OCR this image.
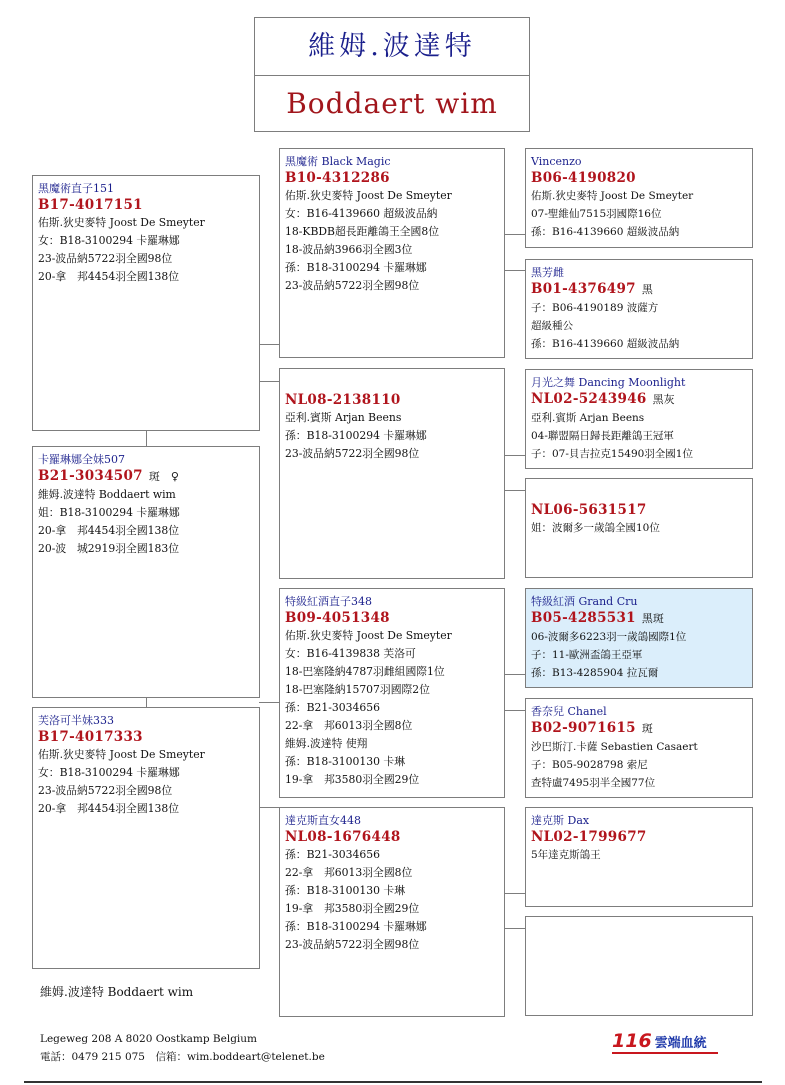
維姆.波達特
Boddaert wim
黑魔術直子151
B17-4017151
佑斯.狄史麥特 Joost De Smeyter
女：B18-3100294 卡羅琳娜
23-波品納5722羽全國98位
20-拿　邦4454羽全國138位
卡羅琳娜全妹507
B21-3034507 斑　♀
維姆.波達特 Boddaert wim
姐：B18-3100294 卡羅琳娜
20-拿　邦4454羽全國138位
20-波　城2919羽全國183位
芙洛可半妹333
B17-4017333
佑斯.狄史麥特 Joost De Smeyter
女：B18-3100294 卡羅琳娜
23-波品納5722羽全國98位
20-拿　邦4454羽全國138位
黑魔術 Black Magic
B10-4312286
佑斯.狄史麥特 Joost De Smeyter
女：B16-4139660 超級波品納
18-KBDB超長距離鴿王全國8位
18-波品納3966羽全國3位
孫：B18-3100294 卡羅琳娜
23-波品納5722羽全國98位
NL08-2138110
亞利.賓斯 Arjan Beens
孫：B18-3100294 卡羅琳娜
23-波品納5722羽全國98位
特級紅酒直子348
B09-4051348
佑斯.狄史麥特 Joost De Smeyter
女：B16-4139838 芙洛可
18-巴塞隆納4787羽雌組國際1位
18-巴塞隆納15707羽國際2位
孫：B21-3034656
22-拿　邦6013羽全國8位
維姆.波達特 使翔
孫：B18-3100130 卡琳
19-拿　邦3580羽全國29位
達克斯直女448
NL08-1676448
孫：B21-3034656
22-拿　邦6013羽全國8位
孫：B18-3100130 卡琳
19-拿　邦3580羽全國29位
孫：B18-3100294 卡羅琳娜
23-波品納5722羽全國98位
Vincenzo
B06-4190820
佑斯.狄史麥特 Joost De Smeyter
07-聖維仙7515羽國際16位
孫：B16-4139660 超級波品納
黑芳雌
B01-4376497 黑
子：B06-4190189 波薩方
超級種公
孫：B16-4139660 超級波品納
月光之舞 Dancing Moonlight
NL02-5243946 黑灰
亞利.賓斯 Arjan Beens
04-聯盟隔日歸長距離鴿王冠軍
子：07-貝吉拉克15490羽全國1位
NL06-5631517
姐：波爾多一歲鴿全國10位
特級紅酒 Grand Cru
B05-4285531 黑斑
06-波爾多6223羽一歲鴿國際1位
子：11-歐洲盃鴿王亞軍
孫：B13-4285904 拉瓦爾
香奈兒 Chanel
B02-9071615 斑
沙巴斯汀.卡薩 Sebastien Casaert
子：B05-9028798 索尼
查特盧7495羽半全國77位
達克斯 Dax
NL02-1799677
5年達克斯鴿王
維姆.波達特 Boddaert wim
Legeweg 208 A 8020 Oostkamp Belgium
電話：0479 215 075　信箱：wim.boddeart@telenet.be
116 雲端血統
